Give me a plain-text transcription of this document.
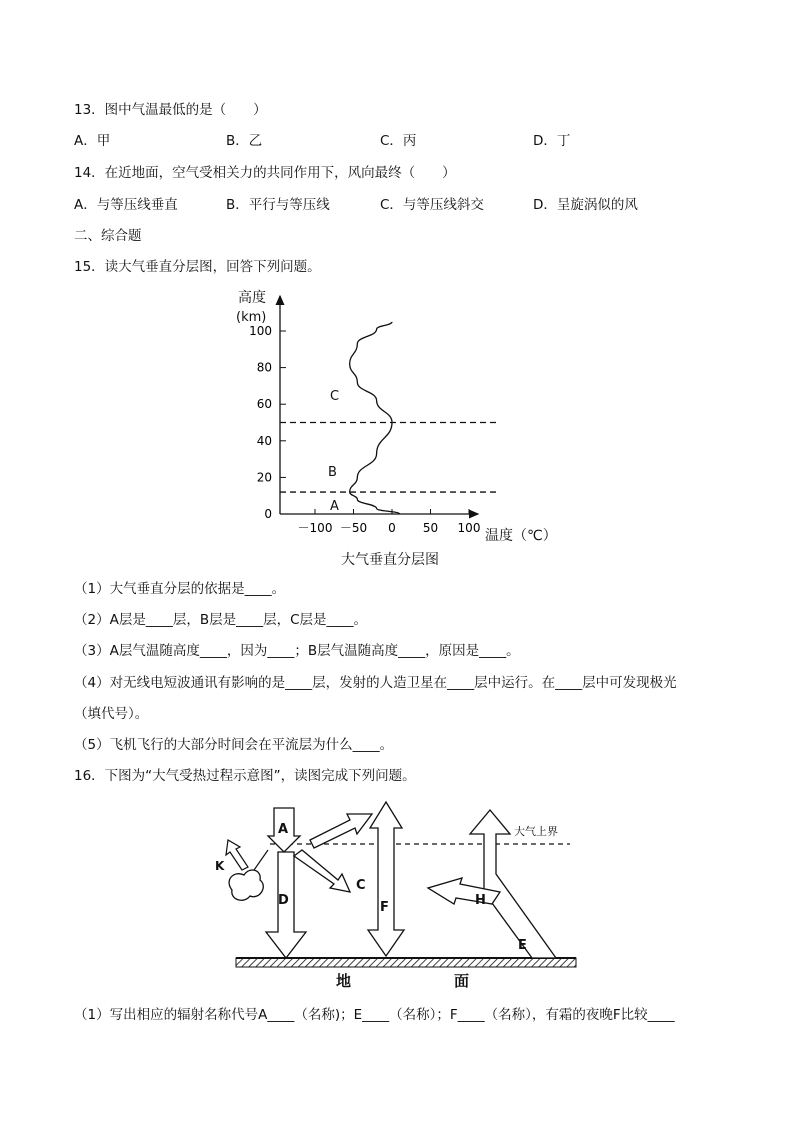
13．图中气温最低的是（　　）
A．甲	B．乙	C．丙	D．丁
14．在近地面，空气受相关力的共同作用下，风向最终（　　）
A．与等压线垂直	B．平行与等压线	C．与等压线斜交	D．呈旋涡似的风
二、综合题
15．读大气垂直分层图，回答下列问题。
高度
(km)
0
20
40
60
80
100
－100 －50 0 50 100
C
B
A
温度（℃）
大气垂直分层图
（1）大气垂直分层的依据是____。
（2）A层是____层，B层是____层，C层是____。
（3）A层气温随高度____，因为____；B层气温随高度____，原因是____。
（4）对无线电短波通讯有影响的是____层，发射的人造卫星在____层中运行。在____层中可发现极光
（填代号）。
（5）飞机飞行的大部分时间会在平流层为什么____。
16．下图为“大气受热过程示意图”，读图完成下列问题。
大气上界
A
D
C
K
F
E
H
地	面
（1）写出相应的辐射名称代号A____（名称)；E____（名称）；F____（名称），有霜的夜晚F比较____
